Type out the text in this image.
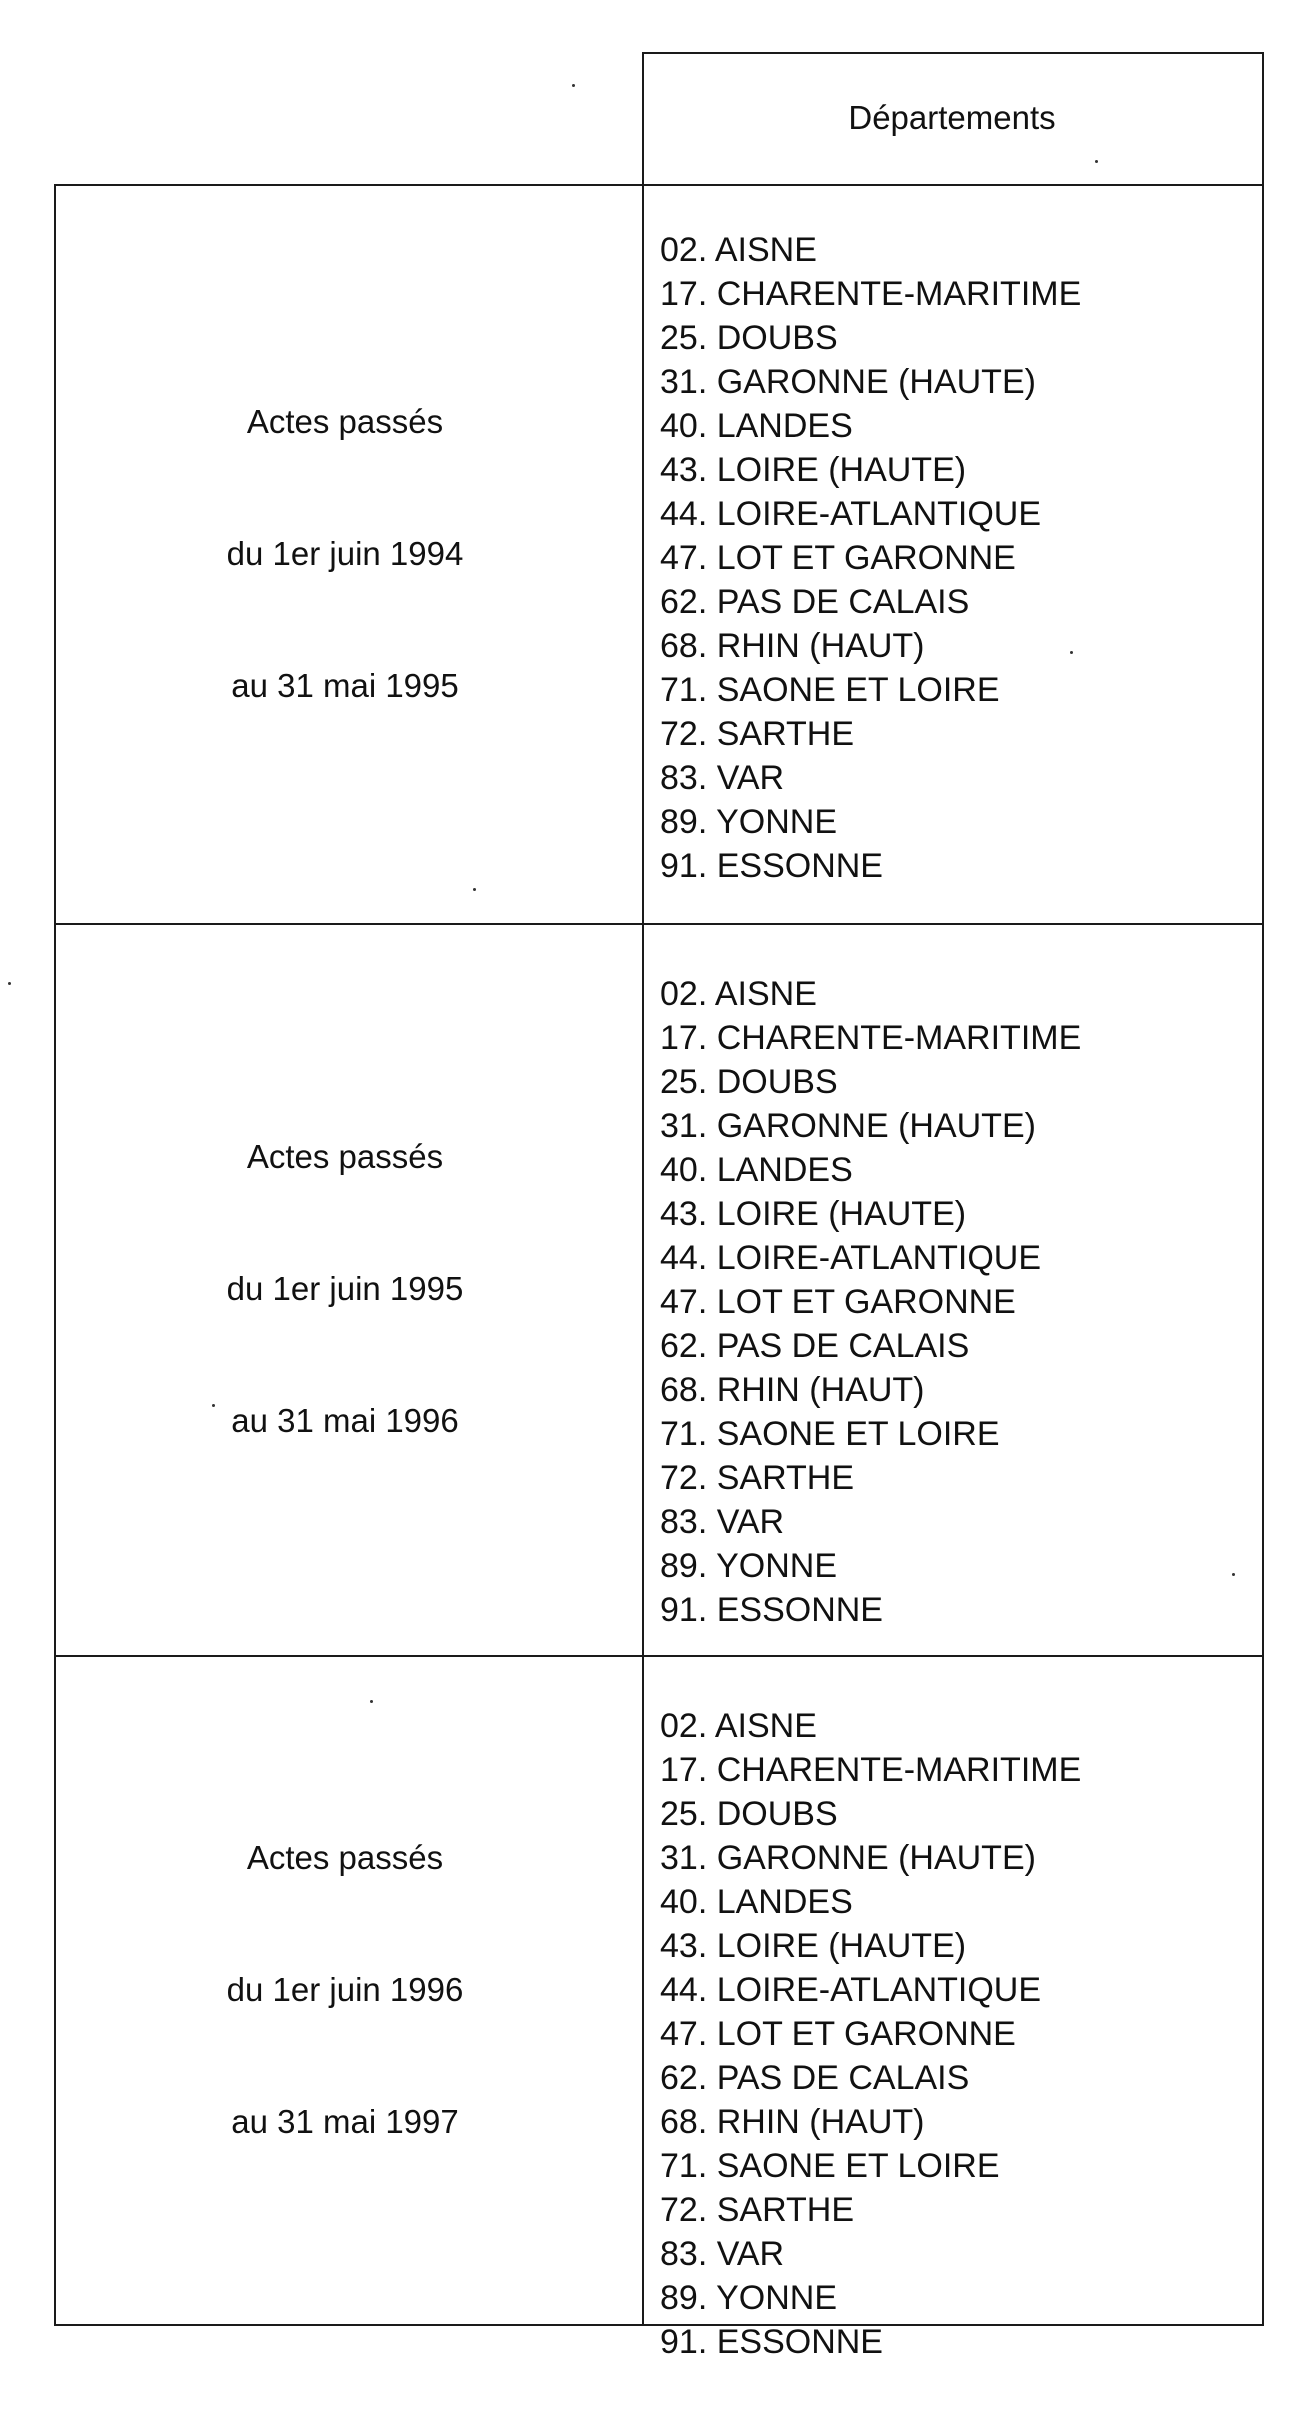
Départements
Actes passés
du 1er juin 1994
au 31 mai 1995
02. AISNE
17. CHARENTE-MARITIME
25. DOUBS
31. GARONNE (HAUTE)
40. LANDES
43. LOIRE (HAUTE)
44. LOIRE-ATLANTIQUE
47. LOT ET GARONNE
62. PAS DE CALAIS
68. RHIN (HAUT)
71. SAONE ET LOIRE
72. SARTHE
83. VAR
89. YONNE
91. ESSONNE
Actes passés
du 1er juin 1995
au 31 mai 1996
02. AISNE
17. CHARENTE-MARITIME
25. DOUBS
31. GARONNE (HAUTE)
40. LANDES
43. LOIRE (HAUTE)
44. LOIRE-ATLANTIQUE
47. LOT ET GARONNE
62. PAS DE CALAIS
68. RHIN (HAUT)
71. SAONE ET LOIRE
72. SARTHE
83. VAR
89. YONNE
91. ESSONNE
Actes passés
du 1er juin 1996
au 31 mai 1997
02. AISNE
17. CHARENTE-MARITIME
25. DOUBS
31. GARONNE (HAUTE)
40. LANDES
43. LOIRE (HAUTE)
44. LOIRE-ATLANTIQUE
47. LOT ET GARONNE
62. PAS DE CALAIS
68. RHIN (HAUT)
71. SAONE ET LOIRE
72. SARTHE
83. VAR
89. YONNE
91. ESSONNE
